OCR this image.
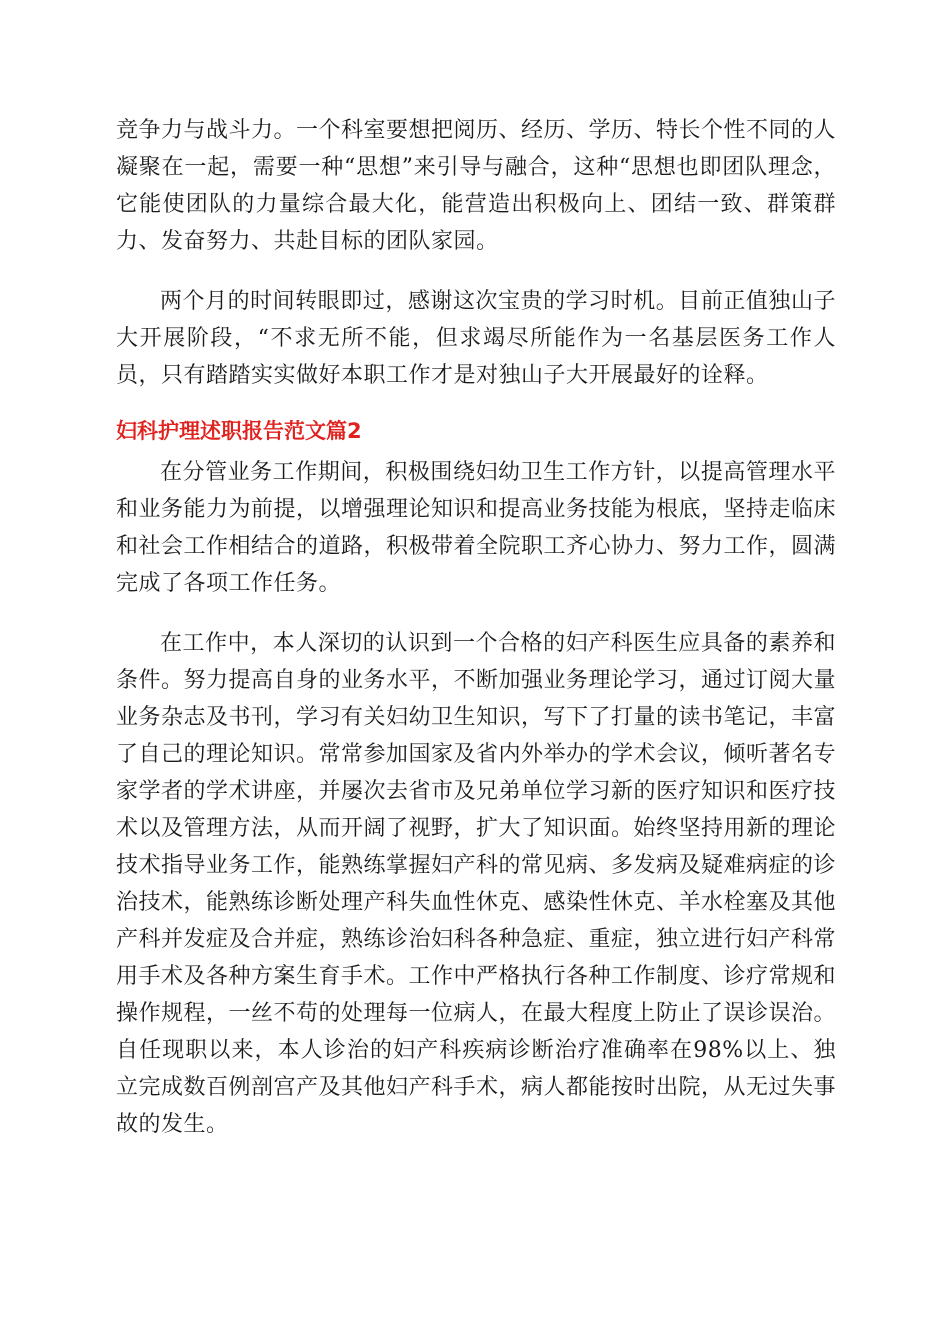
竞争力与战斗力。一个科室要想把阅历、经历、学历、特长个性不同的人凝聚在一起，需要一种“思想”来引导与融合，这种“思想也即团队理念，它能使团队的力量综合最大化，能营造出积极向上、团结一致、群策群力、发奋努力、共赴目标的团队家园。

两个月的时间转眼即过，感谢这次宝贵的学习时机。目前正值独山子大开展阶段，“不求无所不能，但求竭尽所能作为一名基层医务工作人员，只有踏踏实实做好本职工作才是对独山子大开展最好的诠释。

妇科护理述职报告范文篇2

在分管业务工作期间，积极围绕妇幼卫生工作方针，以提高管理水平和业务能力为前提，以增强理论知识和提高业务技能为根底，坚持走临床和社会工作相结合的道路，积极带着全院职工齐心协力、努力工作，圆满完成了各项工作任务。

在工作中，本人深切的认识到一个合格的妇产科医生应具备的素养和条件。努力提高自身的业务水平，不断加强业务理论学习，通过订阅大量业务杂志及书刊，学习有关妇幼卫生知识，写下了打量的读书笔记，丰富了自己的理论知识。常常参加国家及省内外举办的学术会议，倾听著名专家学者的学术讲座，并屡次去省市及兄弟单位学习新的医疗知识和医疗技术以及管理方法，从而开阔了视野，扩大了知识面。始终坚持用新的理论技术指导业务工作，能熟练掌握妇产科的常见病、多发病及疑难病症的诊治技术，能熟练诊断处理产科失血性休克、感染性休克、羊水栓塞及其他产科并发症及合并症，熟练诊治妇科各种急症、重症，独立进行妇产科常用手术及各种方案生育手术。工作中严格执行各种工作制度、诊疗常规和操作规程，一丝不苟的处理每一位病人，在最大程度上防止了误诊误治。自任现职以来，本人诊治的妇产科疾病诊断治疗准确率在98%以上、独立完成数百例剖宫产及其他妇产科手术，病人都能按时出院，从无过失事故的发生。
